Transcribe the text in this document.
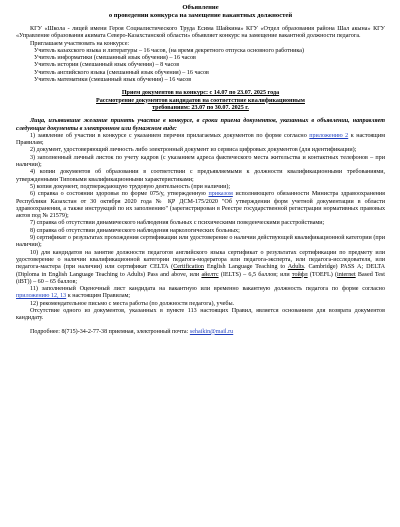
Объявление
о проведении конкурса на замещение вакантных должностей

КГУ «Школа - лицей имени Героя Социалистического Труда Есима Шайкина» КГУ «Отдел образования района Шал акына» КГУ «Управление образования акимата Северо-Казахстанской области» объявляет конкурс на замещение вакантной должности педагога.

Приглашаем участвовать на конкурсе:

Учитель казахского языка и литературы – 16 часов, (на время декретного отпуска основного работника)

Учитель информатики (смешанный язык обучения) – 16 часов

Учитель истории (смешанный язык обучения) – 8 часов

Учитель английского языка (смешанный язык обучения) – 16 часов

Учитель математики (смешанный язык обучения) – 16 часов

Прием документов на конкурс: с 14.07 по 23.07. 2025 года
Рассмотрение документов кандидатов на соответствие квалификационным
требованиям: 23.07 по 30.07. 2025 г.

Лица, изъявившие желание принять участие в конкурсе, в сроки приема документов, указанных в объявлении, направляет следующие документы в электронном или бумажном виде:

1) заявление об участии в конкурсе с указанием перечня прилагаемых документов по форме согласно приложению 2 к настоящим Правилам;

2) документ, удостоверяющий личность либо электронный документ из сервиса цифровых документов (для идентификации);

3) заполненный личный листок по учету кадров (с указанием адреса фактического места жительства и контактных телефонов – при наличии);

4) копии документов об образовании в соответствии с предъявляемыми к должности квалификационными требованиями, утвержденными Типовыми квалификационными характеристиками;

5) копия документ, подтверждающую трудовую деятельность (при наличии);

6) справка о состоянии здоровья по форме 075/у, утвержденную приказом исполняющего обязанности Министра здравоохранения Республики Казахстан от 30 октября 2020 года № ҚР ДСМ-175/2020 "Об утверждении форм учетной документации в области здравоохранения, а также инструкций по их заполнению" (зарегистрирован в Реестре государственной регистрации нормативных правовых актов под № 21579);

7) справка об отсутствии динамического наблюдения больных с психическими поведенческими расстройствами;

8) справка об отсутствии динамического наблюдения наркологических больных;

9) сертификат о результатах прохождения сертификации или удостоверение о наличии действующей квалификационной категории (при наличии);

10) для кандидатов на занятие должности педагогов английского языка сертификат о результатах сертификации по предмету или удостоверение о наличии квалификационной категории педагога-модератора или педагога-эксперта, или педагога-исследователя, или педагога-мастера (при наличии) или сертификат CELTA (Certification English Language Teaching to Adults. Cambridge) PASS A; DELTA (Diploma in English Language Teaching to Adults) Pass and above, или айелтс (IELTS) – 6,5 баллов; или тойфл (TOEFL) (internet Based Test (iBT)) – 60 – 65 баллов;

11) заполненный Оценочный лист кандидата на вакантную или временно вакантную должность педагога по форме согласно приложению 12, 13 к настоящим Правилам;

12) рекомендательное письмо с места работы (по должности педагога), учебы.

Отсутствие одного из документов, указанных в пункте 113 настоящих Правил, является основанием для возврата документов кандидату.

Подробнее: 8(715)-34-2-77-38 приемная, электронный почта: sеhaikin@mail.ru
